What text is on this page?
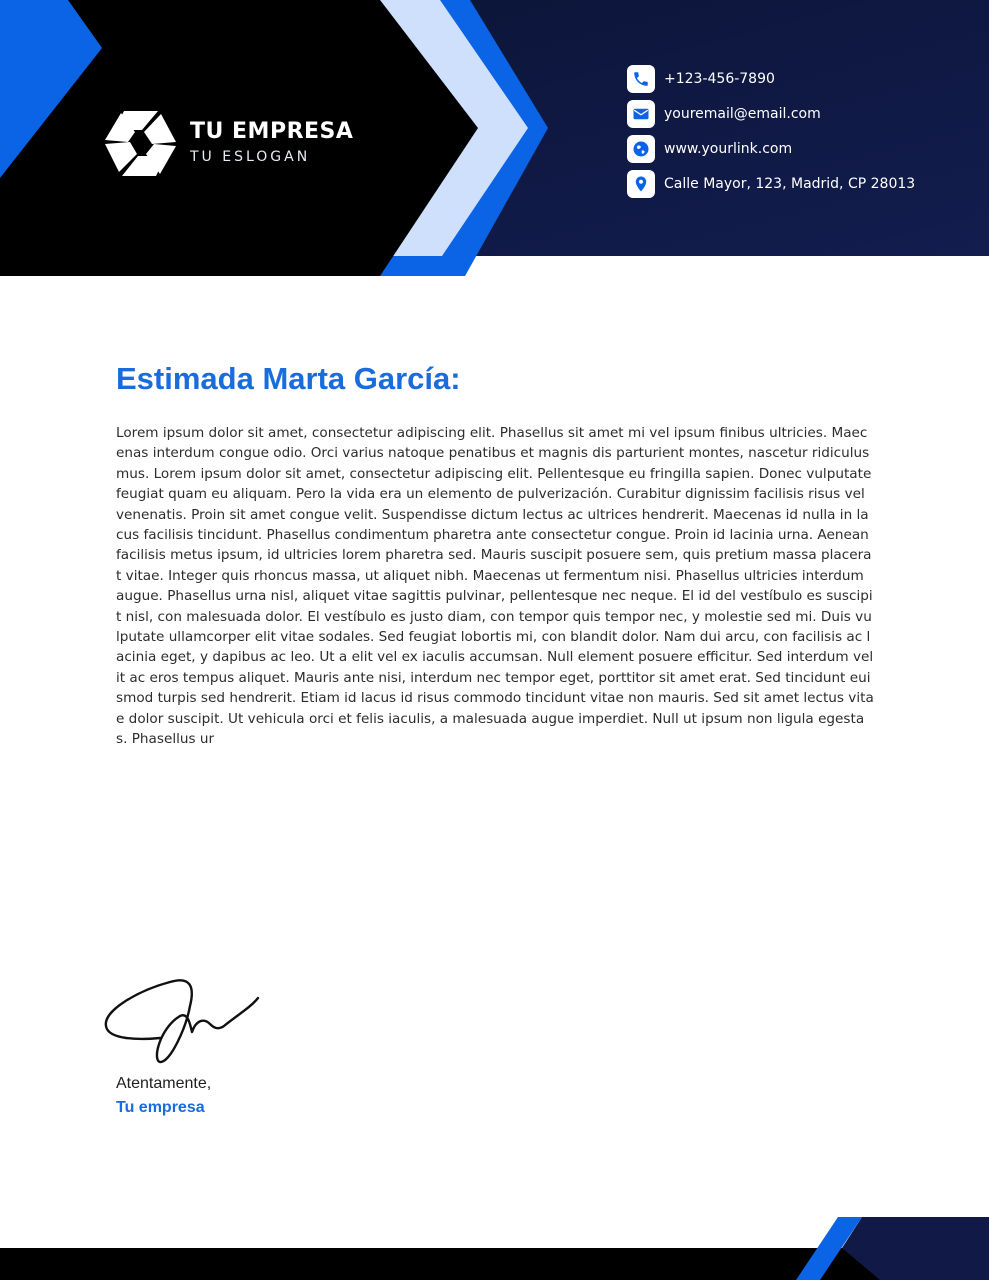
TU EMPRESA
TU ESLOGAN
+123-456-7890
youremail@email.com
www.yourlink.com
Calle Mayor, 123, Madrid, CP 28013
Estimada Marta García:

Lorem ipsum dolor sit amet, consectetur adipiscing elit. Phasellus sit amet mi vel ipsum finibus ultricies. Maecenas interdum congue odio. Orci varius natoque penatibus et magnis dis parturient montes, nascetur ridiculus mus. Lorem ipsum dolor sit amet, consectetur adipiscing elit. Pellentesque eu fringilla sapien. Donec vulputate feugiat quam eu aliquam. Pero la vida era un elemento de pulverización. Curabitur dignissim facilisis risus vel venenatis. Proin sit amet congue velit. Suspendisse dictum lectus ac ultrices hendrerit. Maecenas id nulla in lacus facilisis tincidunt. Phasellus condimentum pharetra ante consectetur congue. Proin id lacinia urna. Aenean facilisis metus ipsum, id ultricies lorem pharetra sed. Mauris suscipit posuere sem, quis pretium massa placerat vitae. Integer quis rhoncus massa, ut aliquet nibh. Maecenas ut fermentum nisi. Phasellus ultricies interdum augue. Phasellus urna nisl, aliquet vitae sagittis pulvinar, pellentesque nec neque. El id del vestíbulo es suscipit nisl, con malesuada dolor. El vestíbulo es justo diam, con tempor quis tempor nec, y molestie sed mi. Duis vulputate ullamcorper elit vitae sodales. Sed feugiat lobortis mi, con blandit dolor. Nam dui arcu, con facilisis ac lacinia eget, y dapibus ac leo. Ut a elit vel ex iaculis accumsan. Null element posuere efficitur. Sed interdum velit ac eros tempus aliquet. Mauris ante nisi, interdum nec tempor eget, porttitor sit amet erat. Sed tincidunt euismod turpis sed hendrerit. Etiam id lacus id risus commodo tincidunt vitae non mauris. Sed sit amet lectus vitae dolor suscipit. Ut vehicula orci et felis iaculis, a malesuada augue imperdiet. Null ut ipsum non ligula egestas. Phasellus ur

Atentamente,
Tu empresa
